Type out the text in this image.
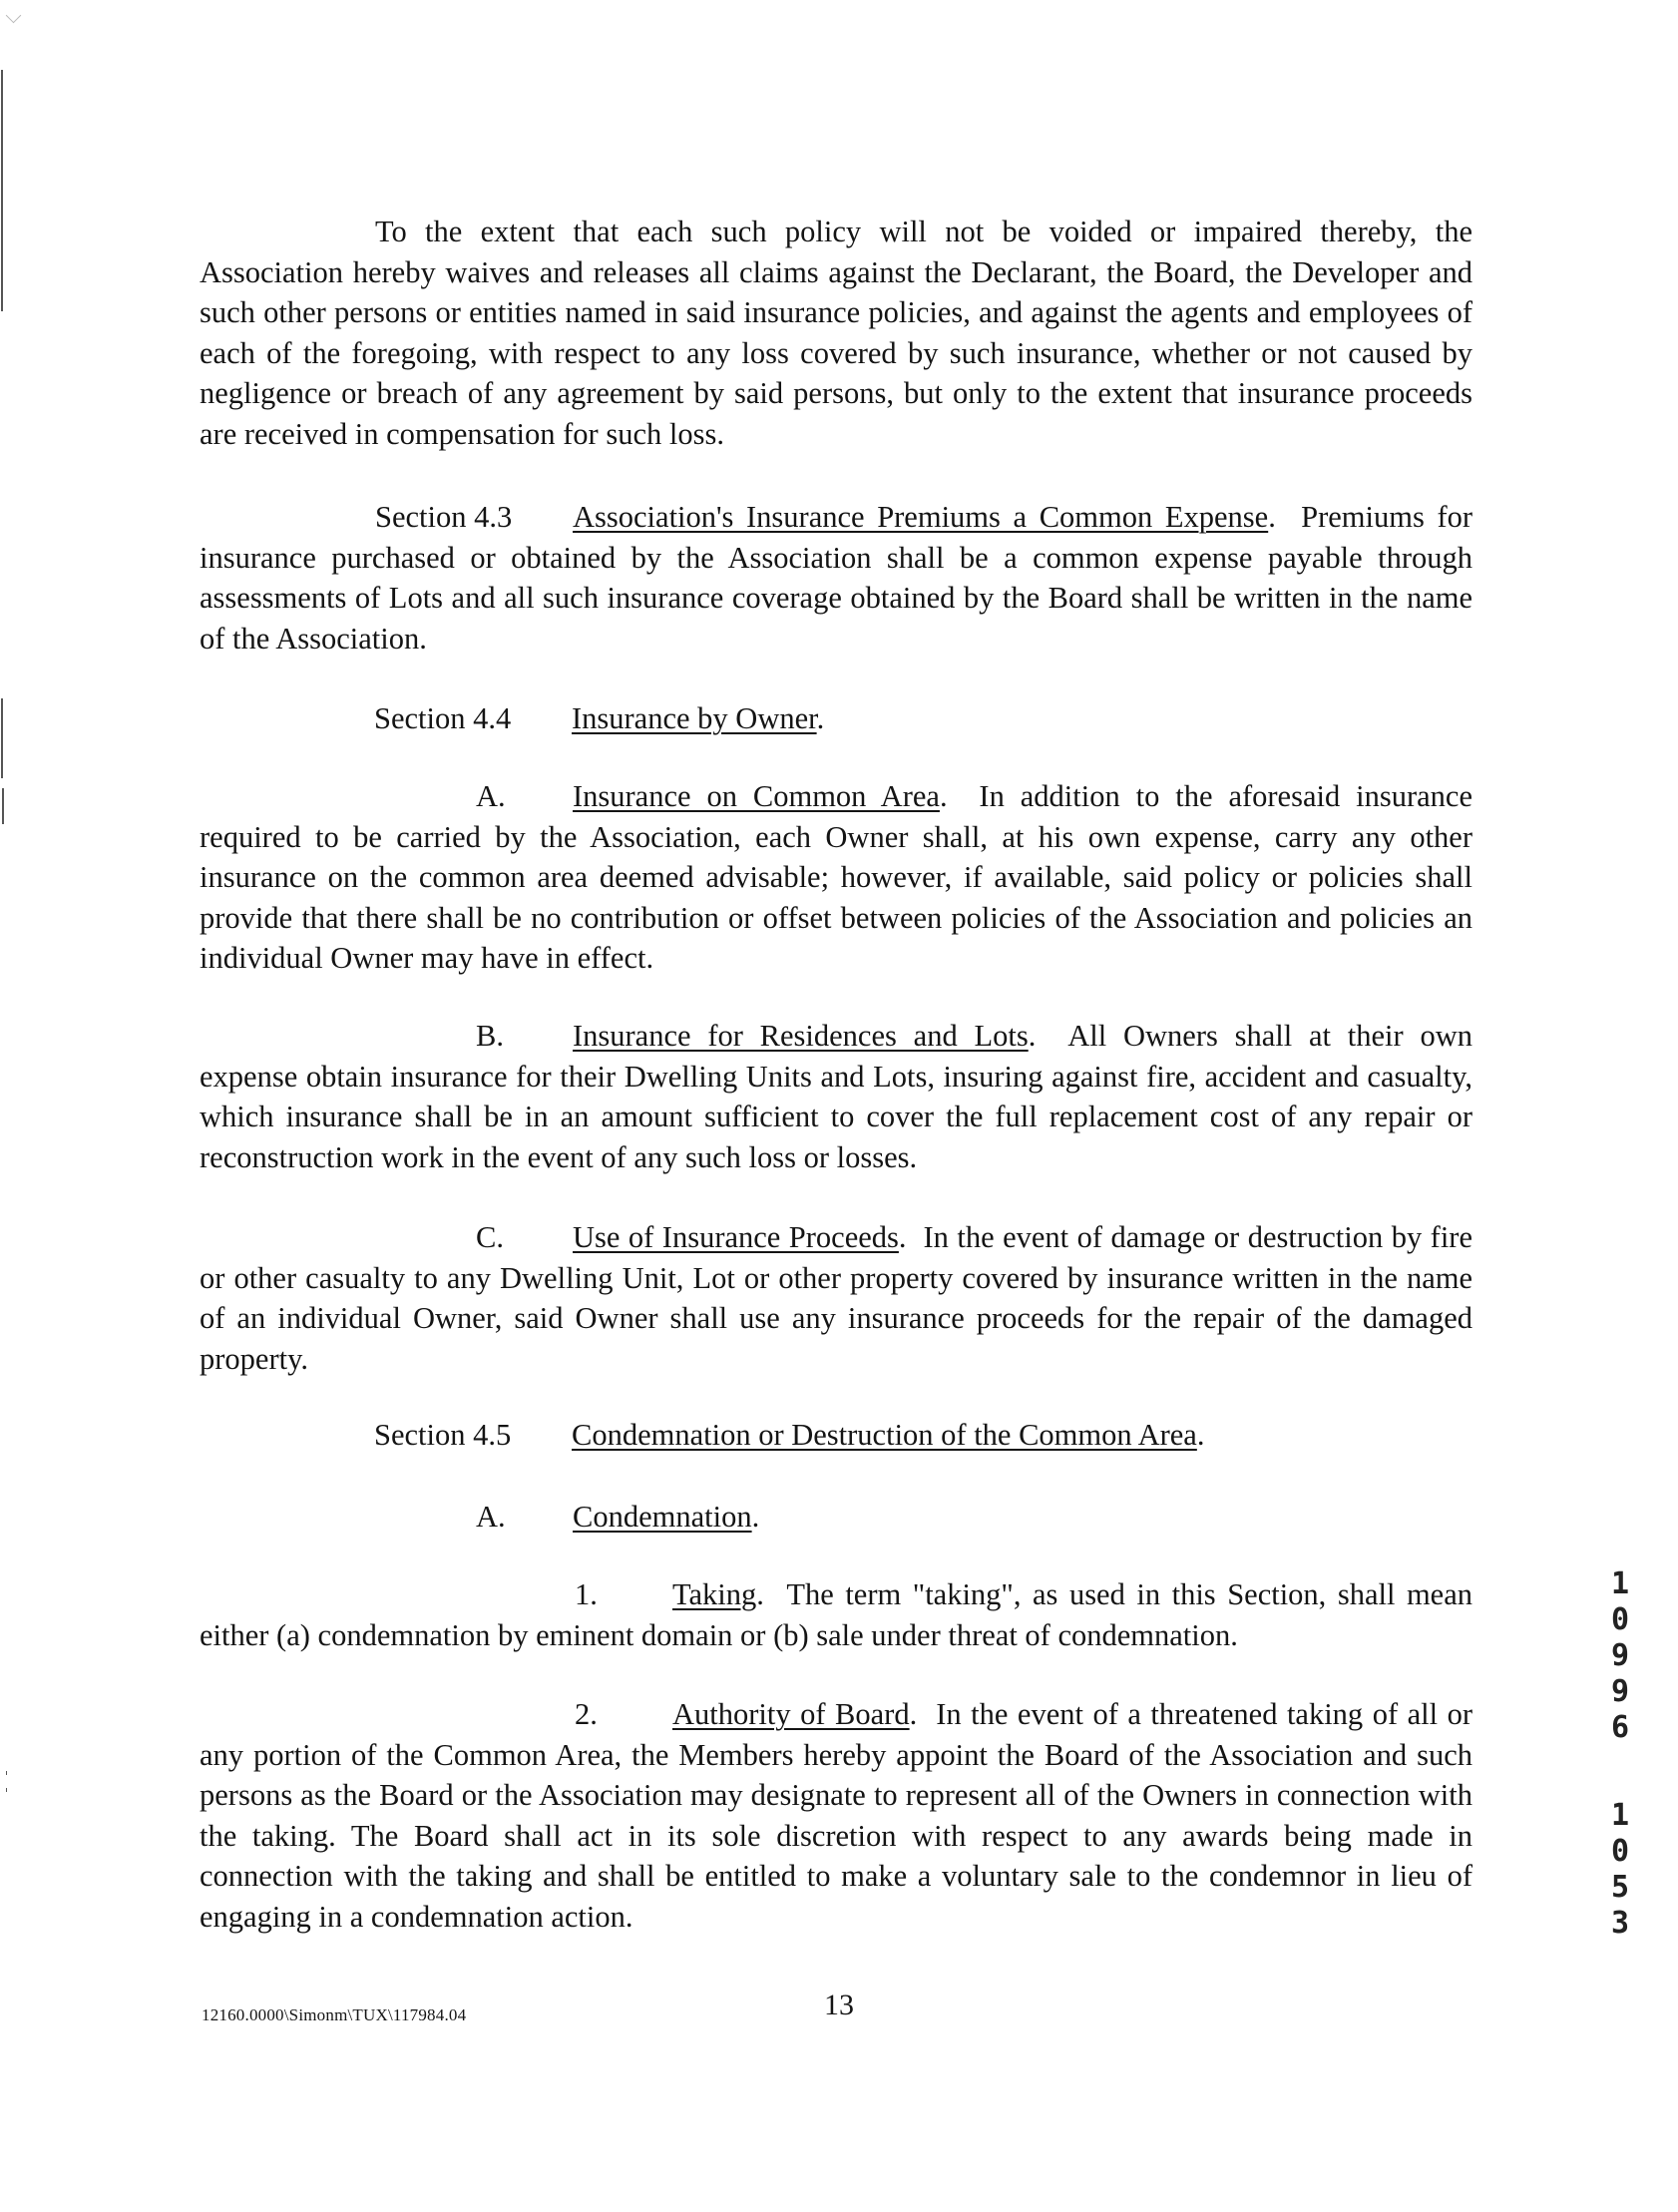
To the extent that each such policy will not be voided or impaired thereby, the Association hereby waives and releases all claims against the Declarant, the Board, the Developer and such other persons or entities named in said insurance policies, and against the agents and employees of each of the foregoing, with respect to any loss covered by such insurance, whether or not caused by negligence or breach of any agreement by said persons, but only to the extent that insurance proceeds are received in compensation for such loss.

Section 4.3 Association's Insurance Premiums a Common Expense.  Premiums for insurance purchased or obtained by the Association shall be a common expense payable through assessments of Lots and all such insurance coverage obtained by the Board shall be written in the name of the Association.

Section 4.4 Insurance by Owner.

A. Insurance on Common Area.  In addition to the aforesaid insurance required to be carried by the Association, each Owner shall, at his own expense, carry any other insurance on the common area deemed advisable; however, if available, said policy or policies shall provide that there shall be no contribution or offset between policies of the Association and policies an individual Owner may have in effect.

B. Insurance for Residences and Lots.  All Owners shall at their own expense obtain insurance for their Dwelling Units and Lots, insuring against fire, accident and casualty, which insurance shall be in an amount sufficient to cover the full replacement cost of any repair or reconstruction work in the event of any such loss or losses.

C. Use of Insurance Proceeds.  In the event of damage or destruction by fire or other casualty to any Dwelling Unit, Lot or other property covered by insurance written in the name of an individual Owner, said Owner shall use any insurance proceeds for the repair of the damaged property.

Section 4.5 Condemnation or Destruction of the Common Area.
A. Condemnation.

1. Taking.  The term "taking", as used in this Section, shall mean either (a) condemnation by eminent domain or (b) sale under threat of condemnation.

2. Authority of Board.  In the event of a threatened taking of all or any portion of the Common Area, the Members hereby appoint the Board of the Association and such persons as the Board or the Association may designate to represent all of the Owners in connection with the taking. The Board shall act in its sole discretion with respect to any awards being made in connection with the taking and shall be entitled to make a voluntary sale to the condemnor in lieu of engaging in a condemnation action.

12160.0000\Simonm\TUX\117984.04	13
1
0
9
9
6
1
0
5
3
